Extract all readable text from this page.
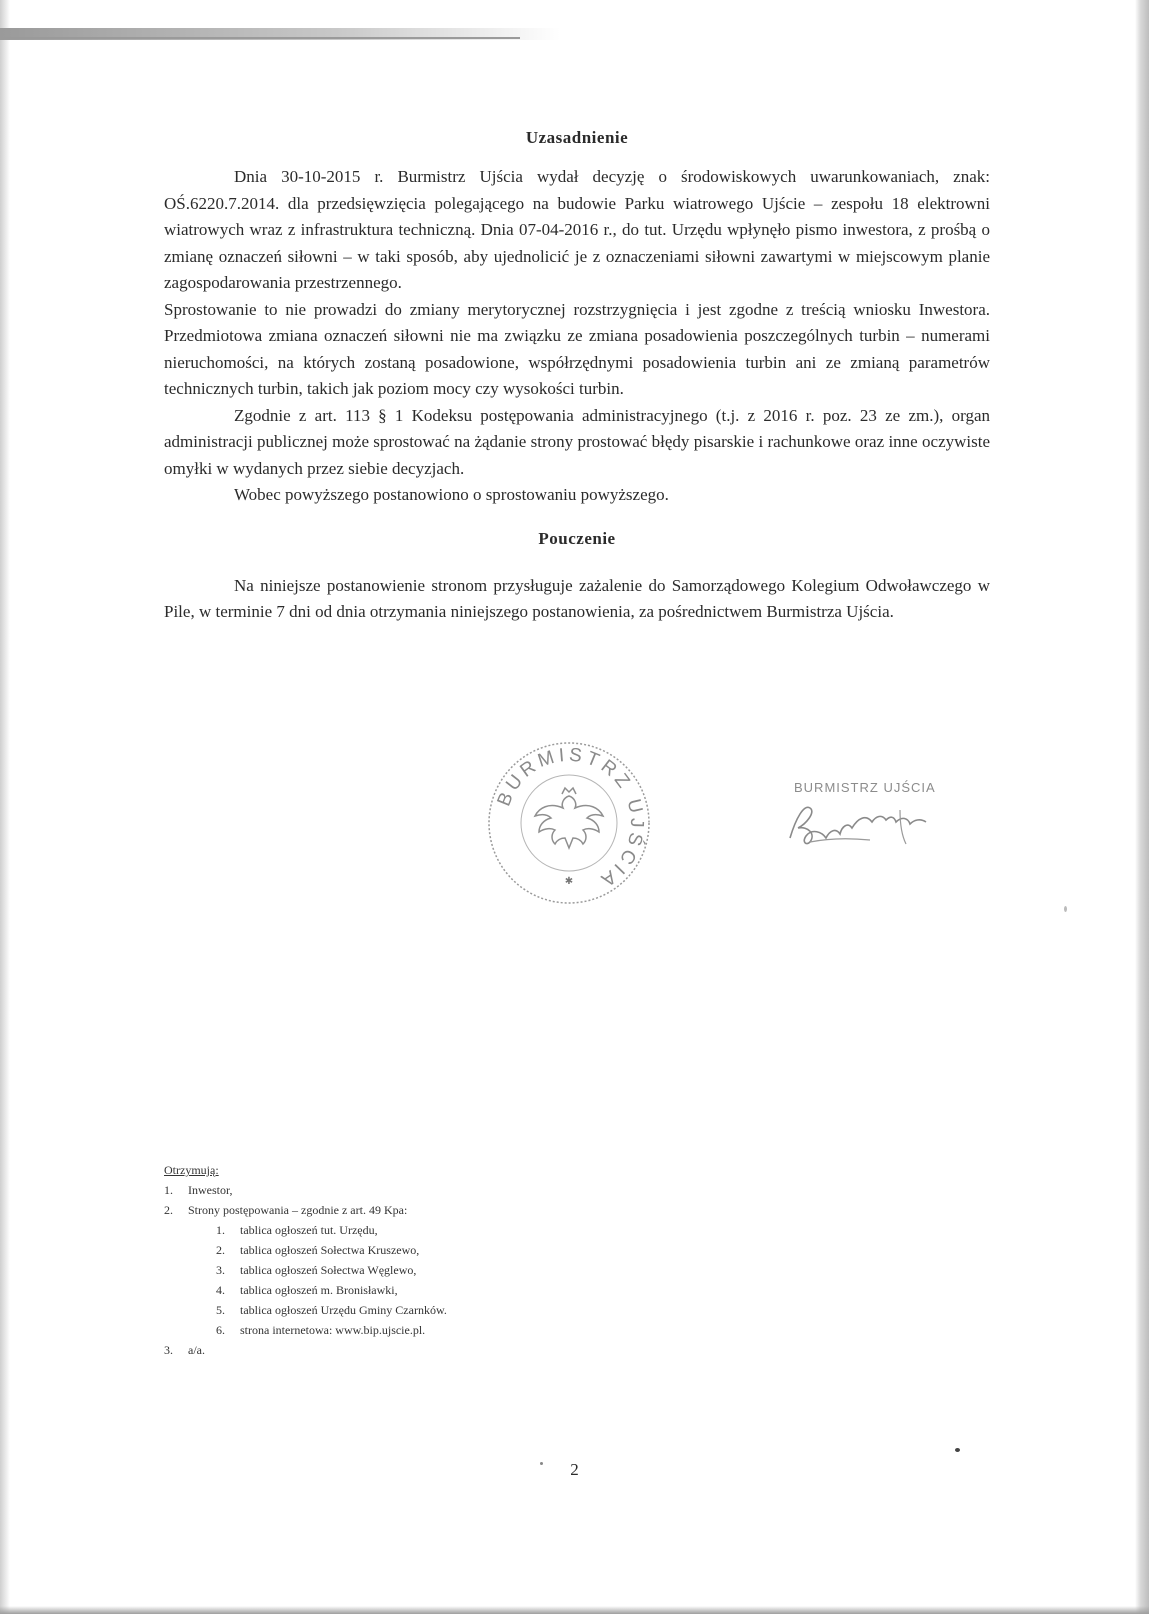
Uzasadnienie

Dnia 30-10-2015 r. Burmistrz Ujścia wydał decyzję o środowiskowych uwarunkowaniach, znak: OŚ.6220.7.2014. dla przedsięwzięcia polegającego na budowie Parku wiatrowego Ujście – zespołu 18 elektrowni wiatrowych wraz z infrastruktura techniczną. Dnia 07-04-2016 r., do tut. Urzędu wpłynęło pismo inwestora, z prośbą o zmianę oznaczeń siłowni – w taki sposób, aby ujednolicić je z oznaczeniami siłowni zawartymi w miejscowym planie zagospodarowania przestrzennego.

Sprostowanie to nie prowadzi do zmiany merytorycznej rozstrzygnięcia i jest zgodne z treścią wniosku Inwestora. Przedmiotowa zmiana oznaczeń siłowni nie ma związku ze zmiana posadowienia poszczególnych turbin – numerami nieruchomości, na których zostaną posadowione, współrzędnymi posadowienia turbin ani ze zmianą parametrów technicznych turbin, takich jak poziom mocy czy wysokości turbin.

Zgodnie z art. 113 § 1 Kodeksu postępowania administracyjnego (t.j. z 2016 r. poz. 23 ze zm.), organ administracji publicznej może sprostować na żądanie strony prostować błędy pisarskie i rachunkowe oraz inne oczywiste omyłki w wydanych przez siebie decyzjach.

Wobec powyższego postanowiono o sprostowaniu powyższego.

Pouczenie

Na niniejsze postanowienie stronom przysługuje zażalenie do Samorządowego Kolegium Odwoławczego w Pile, w terminie 7 dni od dnia otrzymania niniejszego postanowienia, za pośrednictwem Burmistrza Ujścia.

BURMISTRZ UJŚCIA
✱
BURMISTRZ UJŚCIA

Otrzymują:

1. Inwestor,
2. Strony postępowania – zgodnie z art. 49 Kpa:
1. tablica ogłoszeń tut. Urzędu,
2. tablica ogłoszeń Sołectwa Kruszewo,
3. tablica ogłoszeń Sołectwa Węglewo,
4. tablica ogłoszeń m. Bronisławki,
5. tablica ogłoszeń Urzędu Gminy Czarnków.
6. strona internetowa: www.bip.ujscie.pl.
3. a/a.
2
